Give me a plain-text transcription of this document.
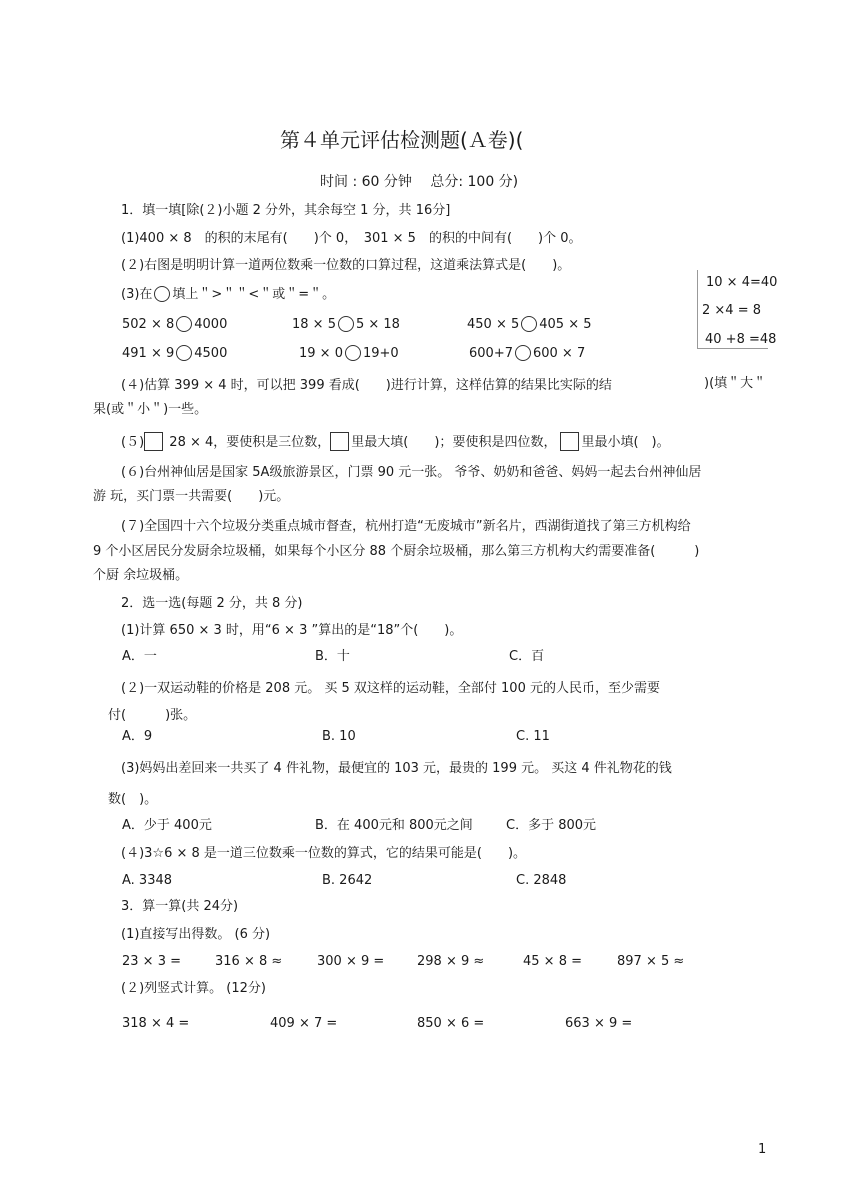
第４单元评估检测题(Ａ卷)(
时间 : 60 分钟　 总分: 100 分)
1．填一填[除(２)小题 2 分外，其余每空 1 分，共 16分]
(1)400 × 8　的积的末尾有(　　)个 0，　301 × 5　的积的中间有(　　)个 0。
(２)右图是明明计算一道两位数乘一位数的口算过程，这道乘法算式是(　　)。
10 × 4=40
2 ×4 = 8
40 +8 =48
(3)在 填上＂>＂＂<＂或＂=＂。
502 × 8 4000	18 × 5 5 × 18	450 × 5 405 × 5
491 × 9 4500	19 × 0 19+0	600+7 600 × 7
(４)估算 399 × 4 时，可以把 399 看成(　　)进行计算，这样估算的结果比实际的结	)(填＂大＂
果(或＂小＂)一些。
(５) 28 × 4，要使积是三位数， 里最大填(　　)；要使积是四位数， 里最小填(　)。
(６)台州神仙居是国家 5A级旅游景区，门票 90 元一张。 爷爷、奶奶和爸爸、妈妈一起去台州神仙居
游 玩，买门票一共需要(　　)元。
(７)全国四十六个垃圾分类重点城市督查，杭州打造“无废城市”新名片，西湖街道找了第三方机构给
9 个小区居民分发厨余垃圾桶，如果每个小区分 88 个厨余垃圾桶，那么第三方机构大约需要准备(　　　)
个厨 余垃圾桶。
2．选一选(每题 2 分，共 8 分)
(1)计算 650 × 3 时，用“6 × 3 ”算出的是“18”个(　　)。
A．一	B．十	C．百
(２)一双运动鞋的价格是 208 元。 买 5 双这样的运动鞋，全部付 100 元的人民币，至少需要
付(　　　)张。
A．9	B. 10	C. 11
(3)妈妈出差回来一共买了 4 件礼物，最便宜的 103 元，最贵的 199 元。 买这 4 件礼物花的钱
数(　)。
A．少于 400元	B．在 400元和 800元之间	C．多于 800元
(４)3☆6 × 8 是一道三位数乘一位数的算式，它的结果可能是(　　)。
A. 3348	B. 2642	C. 2848
3．算一算(共 24分)
(1)直接写出得数。 (6 分)
23 × 3 =	316 × 8 ≈	300 × 9 =	298 × 9 ≈	45 × 8 =	897 × 5 ≈
(２)列竖式计算。 (12分)
318 × 4 =	409 × 7 =	850 × 6 =	663 × 9 =
1
